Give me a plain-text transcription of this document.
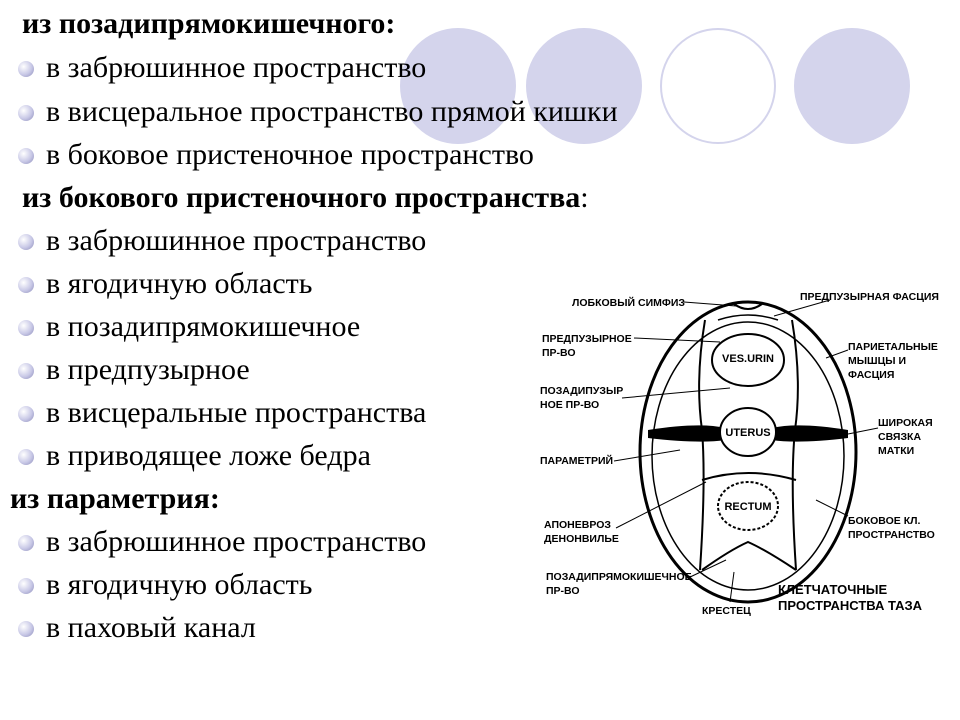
из позадипрямокишечного:
в забрюшинное пространство
в висцеральное пространство прямой кишки
в боковое пристеночное пространство
из бокового пристеночного пространства:
в забрюшинное пространство
в ягодичную область
в позадипрямокишечное
в предпузырное
в висцеральные пространства
в приводящее ложе бедра
из параметрия:
в забрюшинное пространство
в ягодичную область
в паховый канал
VES.URIN
UTERUS
RECTUM
ЛОБКОВЫЙ СИМФИЗ	ПРЕДПУЗЫРНАЯ ФАСЦИЯ
ПРЕДПУЗЫРНОЕ
ПР-ВО	ПАРИЕТАЛЬНЫЕ
МЫШЦЫ И
ФАСЦИЯ
ПОЗАДИПУЗЫР
НОЕ ПР-ВО
ШИРОКАЯ
СВЯЗКА
МАТКИ
ПАРАМЕТРИЙ
АПОНЕВРОЗ
ДЕНОНВИЛЬЕ
БОКОВОЕ КЛ.
ПРОСТРАНСТВО
ПОЗАДИПРЯМОКИШЕЧНОЕ
ПР-ВО
КРЕСТЕЦ
КЛЕТЧАТОЧНЫЕ
ПРОСТРАНСТВА ТАЗА
